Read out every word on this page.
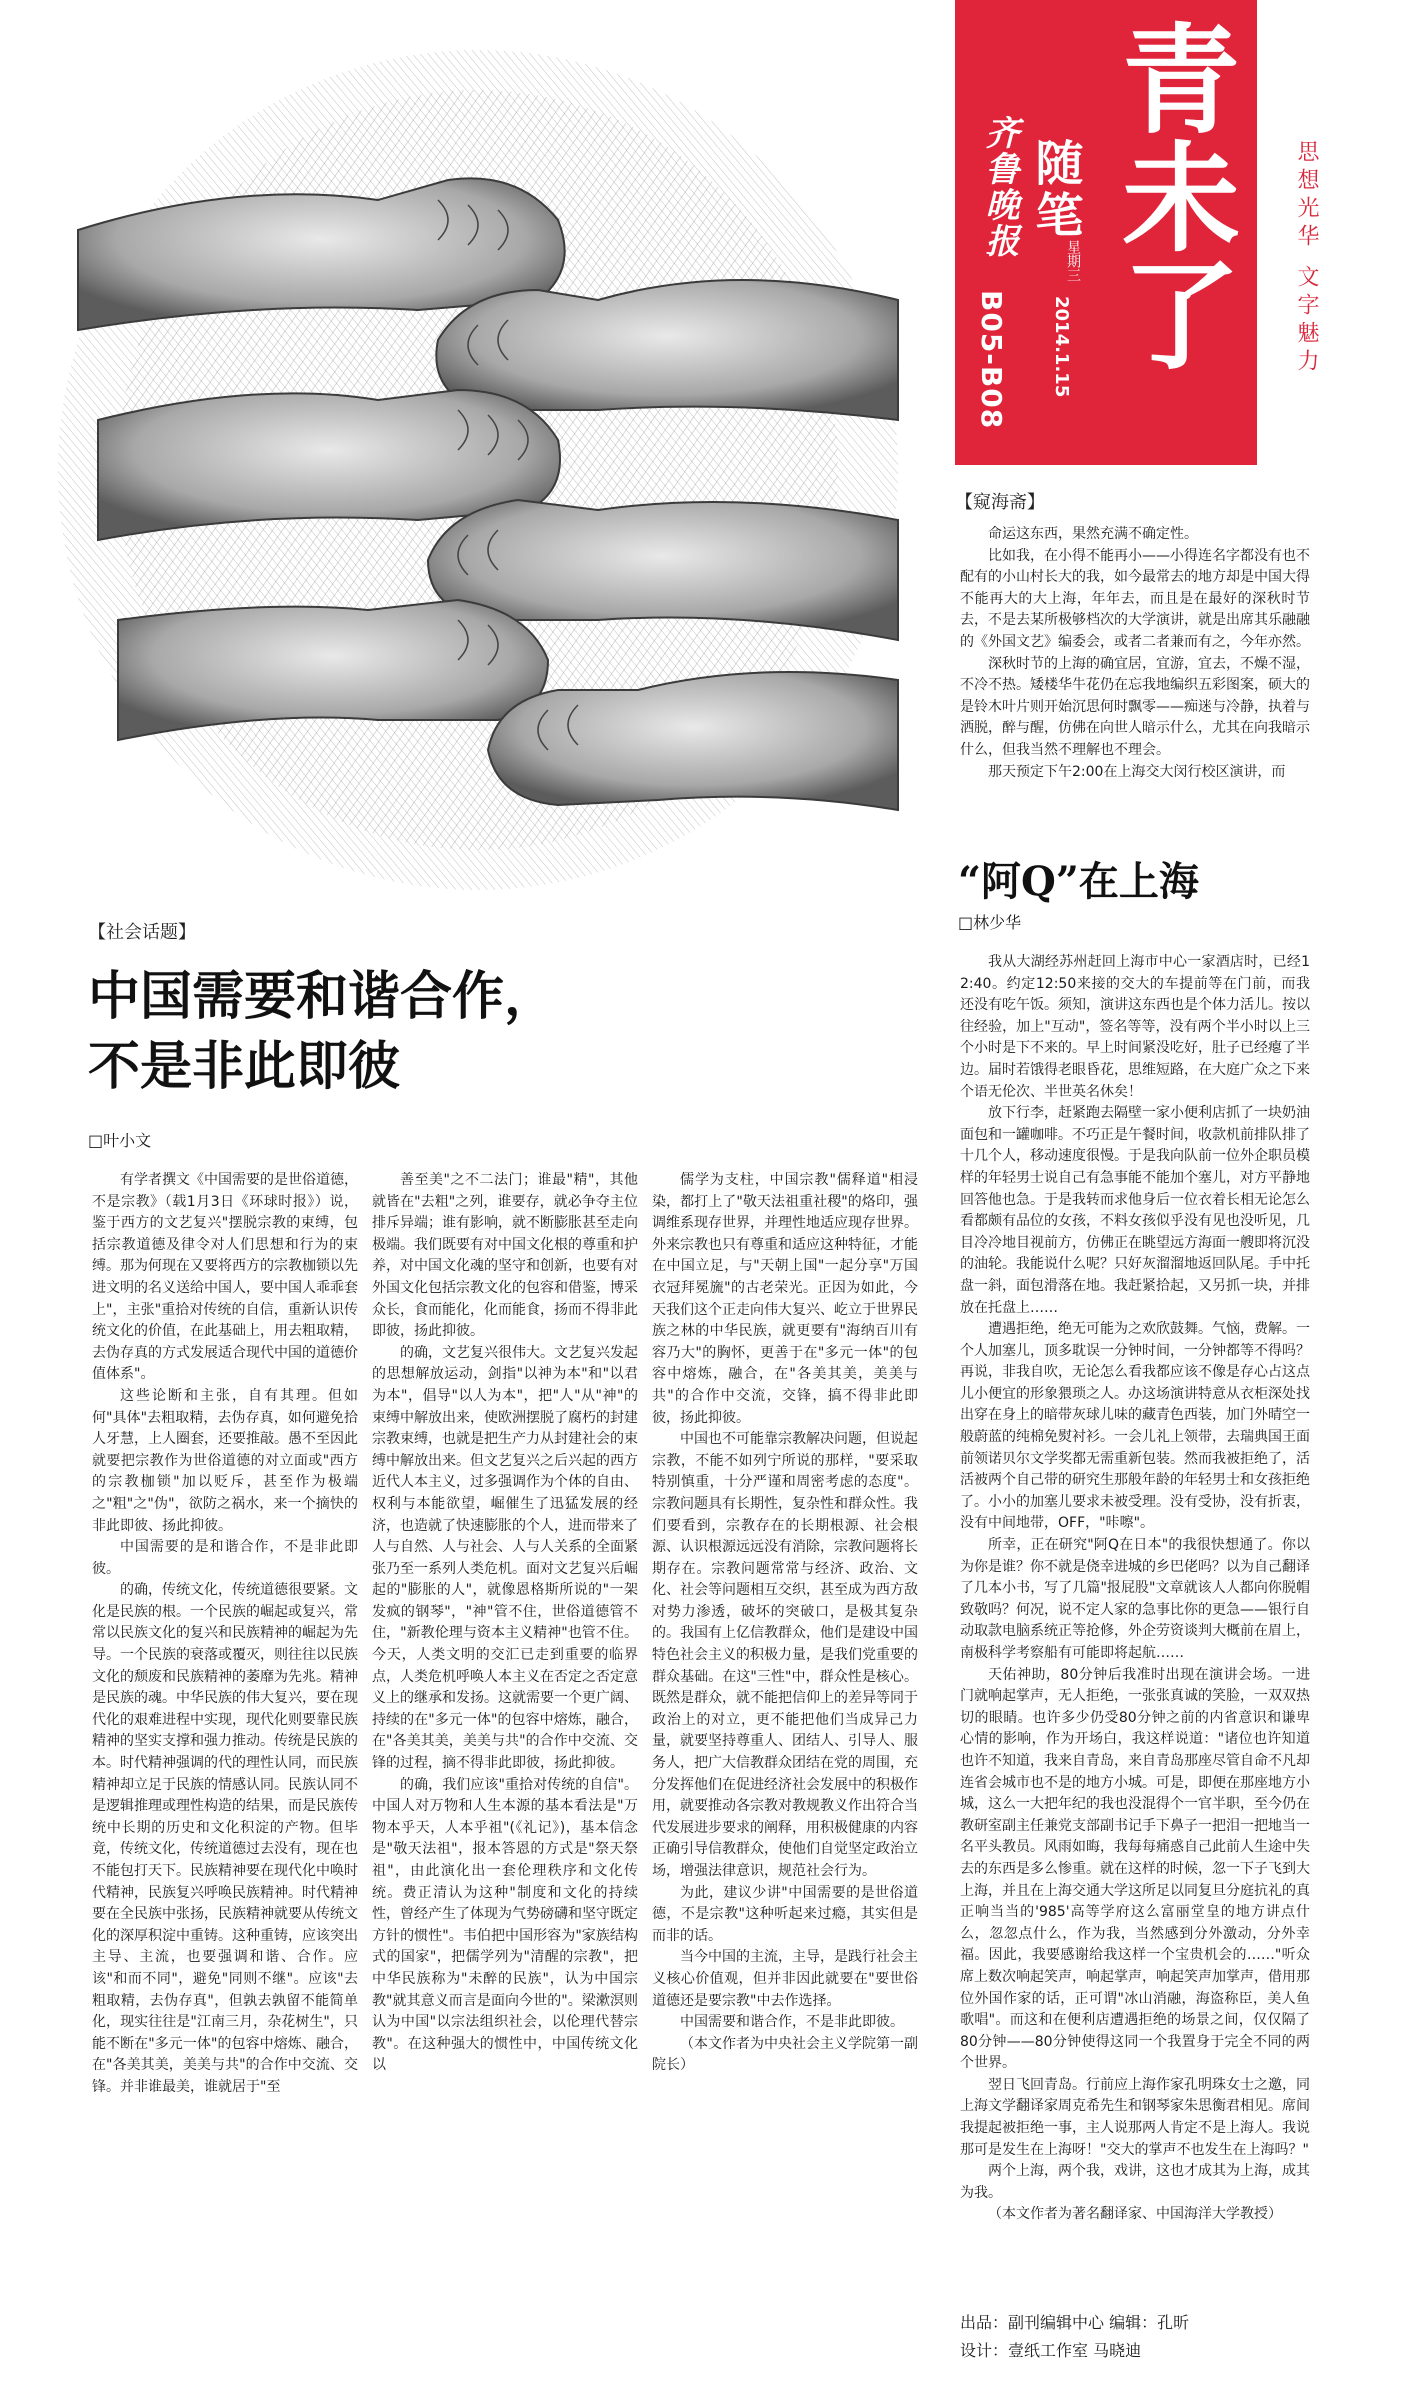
青未了
齐鲁晚报 随笔
星期三
2014.1.15
B05-B08	思想光华 文字魅力
【社会话题】
中国需要和谐合作，
不是非此即彼
□叶小文

有学者撰文《中国需要的是世俗道德，不是宗教》（载1月3日《环球时报》）说，鉴于西方的文艺复兴"摆脱宗教的束缚，包括宗教道德及律令对人们思想和行为的束缚。那为何现在又要将西方的宗教枷锁以先进文明的名义送给中国人，要中国人乖乖套上"，主张"重拾对传统的自信，重新认识传统文化的价值，在此基础上，用去粗取精，去伪存真的方式发展适合现代中国的道德价值体系"。

这些论断和主张，自有其理。但如何"具体"去粗取精，去伪存真，如何避免拾人牙慧，上人圈套，还要推敲。愚不至因此就要把宗教作为世俗道德的对立面或"西方的宗教枷锁"加以贬斥，甚至作为极端之"粗"之"伪"，欲防之祸水，来一个摘快的非此即彼、扬此抑彼。

中国需要的是和谐合作，不是非此即彼。

的确，传统文化，传统道德很要紧。文化是民族的根。一个民族的崛起或复兴，常常以民族文化的复兴和民族精神的崛起为先导。一个民族的衰落或覆灭，则往往以民族文化的颓废和民族精神的萎靡为先兆。精神是民族的魂。中华民族的伟大复兴，要在现代化的艰难进程中实现，现代化则要靠民族精神的坚实支撑和强力推动。传统是民族的本。时代精神强调的代的理性认同，而民族精神却立足于民族的情感认同。民族认同不是逻辑推理或理性构造的结果，而是民族传统中长期的历史和文化积淀的产物。但毕竟，传统文化，传统道德过去没有，现在也不能包打天下。民族精神要在现代化中唤时代精神，民族复兴呼唤民族精神。时代精神要在全民族中张扬，民族精神就要从传统文化的深厚积淀中重铸。这种重铸，应该突出主导、主流，也要强调和谐、合作。应该"和而不同"，避免"同则不继"。应该"去粗取精，去伪存真"，但孰去孰留不能简单化，现实往往是"江南三月，杂花树生"，只能不断在"多元一体"的包容中熔炼、融合，在"各美其美，美美与共"的合作中交流、交锋。并非谁最美，谁就居于"至

善至美"之不二法门；谁最"精"，其他就皆在"去粗"之列，谁要存，就必争夺主位排斥异端；谁有影响，就不断膨胀甚至走向极端。我们既要有对中国文化根的尊重和护养，对中国文化魂的坚守和创新，也要有对外国文化包括宗教文化的包容和借鉴，博采众长，食而能化，化而能食，扬而不得非此即彼，扬此抑彼。

的确，文艺复兴很伟大。文艺复兴发起的思想解放运动，剑指"以神为本"和"以君为本"，倡导"以人为本"，把"人"从"神"的束缚中解放出来，使欧洲摆脱了腐朽的封建宗教束缚，也就是把生产力从封建社会的束缚中解放出来。但文艺复兴之后兴起的西方近代人本主义，过多强调作为个体的自由、权利与本能欲望，崛催生了迅猛发展的经济，也造就了快速膨胀的个人，进而带来了人与自然、人与社会、人与人关系的全面紧张乃至一系列人类危机。面对文艺复兴后崛起的"膨胀的人"，就像恩格斯所说的"一架发疯的钢琴"，"神"管不住，世俗道德管不住，"新教伦理与资本主义精神"也管不住。今天，人类文明的交汇已走到重要的临界点，人类危机呼唤人本主义在否定之否定意义上的继承和发扬。这就需要一个更广阔、持续的在"多元一体"的包容中熔炼，融合，在"各美其美，美美与共"的合作中交流、交锋的过程，摘不得非此即彼，扬此抑彼。

的确，我们应该"重拾对传统的自信"。中国人对万物和人生本源的基本看法是"万物本乎天，人本乎祖"(《礼记》)，基本信念是"敬天法祖"，报本答恩的方式是"祭天祭祖"，由此演化出一套伦理秩序和文化传统。费正清认为这种"制度和文化的持续性，曾经产生了体现为气势磅礴和坚守既定方针的惯性"。韦伯把中国形容为"家族结构式的国家"，把儒学列为"清醒的宗教"，把中华民族称为"未醉的民族"，认为中国宗教"就其意义而言是面向今世的"。梁漱溟则认为中国"以宗法组织社会，以伦理代替宗教"。在这种强大的惯性中，中国传统文化以

儒学为支柱，中国宗教"儒释道"相浸染，都打上了"敬天法祖重社稷"的烙印，强调维系现存世界，并理性地适应现存世界。外来宗教也只有尊重和适应这种特征，才能在中国立足，与"天朝上国"一起分享"万国衣冠拜冕旒"的古老荣光。正因为如此，今天我们这个正走向伟大复兴、屹立于世界民族之林的中华民族，就更要有"海纳百川有容乃大"的胸怀，更善于在"多元一体"的包容中熔炼，融合，在"各美其美，美美与共"的合作中交流，交锋，搞不得非此即彼，扬此抑彼。

中国也不可能靠宗教解决问题，但说起宗教，不能不如列宁所说的那样，"要采取特别慎重，十分严谨和周密考虑的态度"。宗教问题具有长期性，复杂性和群众性。我们要看到，宗教存在的长期根源、社会根源、认识根源远远没有消除，宗教问题将长期存在。宗教问题常常与经济、政治、文化、社会等问题相互交织，甚至成为西方敌对势力渗透，破坏的突破口，是极其复杂的。我国有上亿信教群众，他们是建设中国特色社会主义的积极力量，是我们党重要的群众基础。在这"三性"中，群众性是核心。既然是群众，就不能把信仰上的差异等同于政治上的对立，更不能把他们当成异己力量，就要坚持尊重人、团结人、引导人、服务人，把广大信教群众团结在党的周围，充分发挥他们在促进经济社会发展中的积极作用，就要推动各宗教对教规教义作出符合当代发展进步要求的阐释，用积极健康的内容正确引导信教群众，使他们自觉坚定政治立场，增强法律意识，规范社会行为。

为此，建议少讲"中国需要的是世俗道德，不是宗教"这种听起来过瘾，其实但是而非的话。

当今中国的主流，主导，是践行社会主义核心价值观，但并非因此就要在"要世俗道德还是要宗教"中去作选择。

中国需要和谐合作，不是非此即彼。

（本文作者为中央社会主义学院第一副院长）

【窥海斋】

命运这东西，果然充满不确定性。

比如我，在小得不能再小——小得连名字都没有也不配有的小山村长大的我，如今最常去的地方却是中国大得不能再大的大上海，年年去，而且是在最好的深秋时节去，不是去某所极够档次的大学演讲，就是出席其乐融融的《外国文艺》编委会，或者二者兼而有之，今年亦然。

深秋时节的上海的确宜居，宜游，宜去，不燥不湿，不冷不热。矮楼华牛花仍在忘我地编织五彩图案，硕大的是铃木叶片则开始沉思何时飘零——痴迷与冷静，执着与洒脱，醉与醒，仿佛在向世人暗示什么，尤其在向我暗示什么，但我当然不理解也不理会。

那天预定下午2:00在上海交大闵行校区演讲，而

“阿Q”在上海
□林少华

我从大湖经苏州赶回上海市中心一家酒店时，已经12:40。约定12:50来接的交大的车提前等在门前，而我还没有吃午饭。须知，演讲这东西也是个体力活儿。按以往经验，加上"互动"，签名等等，没有两个半小时以上三个小时是下不来的。早上时间紧没吃好，肚子已经瘪了半边。届时若饿得老眼昏花，思维短路，在大庭广众之下来个语无伦次、半世英名休矣！

放下行李，赶紧跑去隔壁一家小便利店抓了一块奶油面包和一罐咖啡。不巧正是午餐时间，收款机前排队排了十几个人，移动速度很慢。于是我向队前一位外企职员模样的年轻男士说自己有急事能不能加个塞儿，对方平静地回答他也急。于是我转而求他身后一位衣着长相无论怎么看都颇有品位的女孩，不料女孩似乎没有见也没听见，几目冷冷地目视前方，仿佛正在眺望远方海面一艘即将沉没的油轮。我能说什么呢？只好灰溜溜地返回队尾。手中托盘一斜，面包滑落在地。我赶紧拾起，又另抓一块，并排放在托盘上……

遭遇拒绝，绝无可能为之欢欣鼓舞。气恼，费解。一个人加塞儿，顶多耽误一分钟时间，一分钟都等不得吗？再说，非我自吹，无论怎么看我都应该不像是存心占这点儿小便宜的形象猥琐之人。办这场演讲特意从衣柜深处找出穿在身上的暗带灰球儿味的藏青色西装，加门外晴空一般蔚蓝的纯棉免熨衬衫。一会儿礼上领带，去瑞典国王面前领诺贝尔文学奖都无需重新包装。然而我被拒绝了，活活被两个自己带的研究生那般年龄的年轻男士和女孩拒绝了。小小的加塞儿要求未被受理。没有受协，没有折衷，没有中间地带，OFF，"咔嚓"。

所幸，正在研究"阿Q在日本"的我很快想通了。你以为你是谁？你不就是侥幸进城的乡巴佬吗？以为自己翻译了几本小书，写了几篇"报屁股"文章就该人人都向你脱帽致敬吗？何况，说不定人家的急事比你的更急——银行自动取款电脑系统正等抢修，外企劳资谈判大概前在眉上，南极科学考察船有可能即将起航……

天佑神助，80分钟后我准时出现在演讲会场。一进门就响起掌声，无人拒绝，一张张真诚的笑脸，一双双热切的眼睛。也许多少仍受80分钟之前的内省意识和谦卑心情的影响，作为开场白，我这样说道："诸位也许知道也许不知道，我来自青岛，来自青岛那座尽管自命不凡却连省会城市也不是的地方小城。可是，即便在那座地方小城，这么一大把年纪的我也没混得个一官半职，至今仍在教研室副主任兼党支部副书记手下鼻子一把泪一把地当一名平头教员。风雨如晦，我每每痛惑自己此前人生途中失去的东西是多么惨重。就在这样的时候，忽一下子飞到大上海，并且在上海交通大学这所足以同复旦分庭抗礼的真正响当当的'985'高等学府这么富丽堂皇的地方讲点什么，忽忽点什么，作为我，当然感到分外激动，分外幸福。因此，我要感谢给我这样一个宝贵机会的……"听众席上数次响起笑声，响起掌声，响起笑声加掌声，借用那位外国作家的话，正可谓"冰山消融，海盗称臣，美人鱼歌唱"。而这和在便利店遭遇拒绝的场景之间，仅仅隔了80分钟——80分钟使得这同一个我置身于完全不同的两个世界。

翌日飞回青岛。行前应上海作家孔明珠女士之邀，同上海文学翻译家周克希先生和钢琴家朱思衡君相见。席间我提起被拒绝一事，主人说那两人肯定不是上海人。我说那可是发生在上海呀！"交大的掌声不也发生在上海吗？"

两个上海，两个我，戏讲，这也才成其为上海，成其为我。

（本文作者为著名翻译家、中国海洋大学教授）

出品：副刊编辑中心 编辑：孔昕
设计：壹纸工作室 马晓迪
